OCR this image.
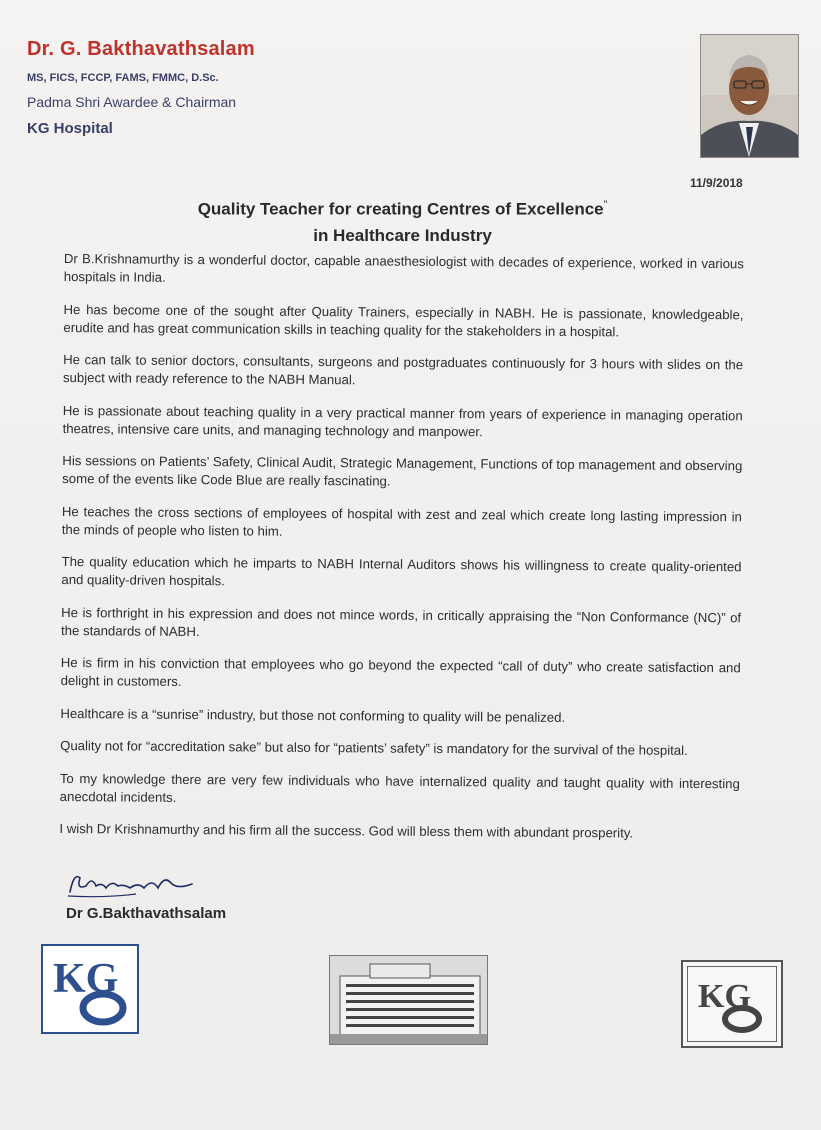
Dr. G. Bakthavathsalam
MS, FICS, FCCP, FAMS, FMMC, D.Sc.
Padma Shri Awardee & Chairman
KG Hospital
11/9/2018
Quality Teacher for creating Centres of Excellence”
in Healthcare Industry

Dr B.Krishnamurthy is a wonderful doctor, capable anaesthesiologist with decades of experience, worked in various hospitals in India.

He has become one of the sought after Quality Trainers, especially in NABH. He is passionate, knowledgeable, erudite and has great communication skills in teaching quality for the stakeholders in a hospital.

He can talk to senior doctors, consultants, surgeons and postgraduates continuously for 3 hours with slides on the subject with ready reference to the NABH Manual.

He is passionate about teaching quality in a very practical manner from years of experience in managing operation theatres, intensive care units, and managing technology and manpower.

His sessions on Patients’ Safety, Clinical Audit, Strategic Management, Functions of top management and observing some of the events like Code Blue are really fascinating.

He teaches the cross sections of employees of hospital with zest and zeal which create long lasting impression in the minds of people who listen to him.

The quality education which he imparts to NABH Internal Auditors shows his willingness to create quality-oriented and quality-driven hospitals.

He is forthright in his expression and does not mince words, in critically appraising the “Non Conformance (NC)” of the standards of NABH.

He is firm in his conviction that employees who go beyond the expected “call of duty” who create satisfaction and delight in customers.

Healthcare is a “sunrise” industry, but those not conforming to quality will be penalized.

Quality not for “accreditation sake” but also for “patients’ safety” is mandatory for the survival of the hospital.

To my knowledge there are very few individuals who have internalized quality and taught quality with interesting anecdotal incidents.

I wish Dr Krishnamurthy and his firm all the success. God will bless them with abundant prosperity.

Dr G.Bakthavathsalam
KG	KG
